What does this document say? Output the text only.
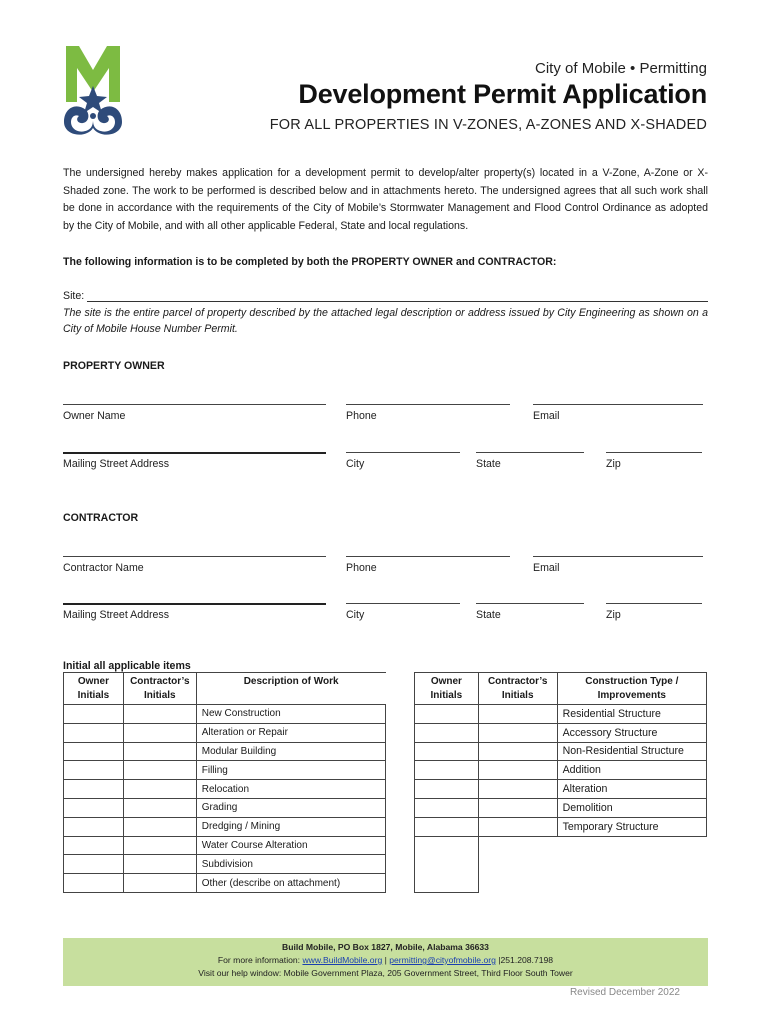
City of Mobile • Permitting
Development Permit Application
FOR ALL PROPERTIES IN V-ZONES, A-ZONES AND X-SHADED
The undersigned hereby makes application for a development permit to develop/alter property(s) located in a V-Zone, A-Zone or X-Shaded zone. The work to be performed is described below and in attachments hereto. The undersigned agrees that all such work shall be done in accordance with the requirements of the City of Mobile’s Stormwater Management and Flood Control Ordinance as adopted by the City of Mobile, and with all other applicable Federal, State and local regulations.
The following information is to be completed by both the PROPERTY OWNER and CONTRACTOR:
Site:
The site is the entire parcel of property described by the attached legal description or address issued by City Engineering as shown on a City of Mobile House Number Permit.
PROPERTY OWNER
Owner Name	Phone	Email
Mailing Street Address	City	State	Zip
CONTRACTOR
Contractor Name	Phone	Email
Mailing Street Address	City	State	Zip
Initial all applicable items
Owner Initials	Contractor’s Initials	Description of Work
		New Construction
		Alteration or Repair
		Modular Building
		Filling
		Relocation
		Grading
		Dredging / Mining
		Water Course Alteration
		Subdivision
		Other (describe on attachment)
Owner Initials	Contractor’s Initials	Construction Type / Improvements
		Residential Structure
		Accessory Structure
		Non-Residential Structure
		Addition
		Alteration
		Demolition
		Temporary Structure

Build Mobile, PO Box 1827, Mobile, Alabama 36633
For more information: www.BuildMobile.org | permitting@cityofmobile.org |251.208.7198
Visit our help window: Mobile Government Plaza, 205 Government Street, Third Floor South Tower
Revised December 2022
